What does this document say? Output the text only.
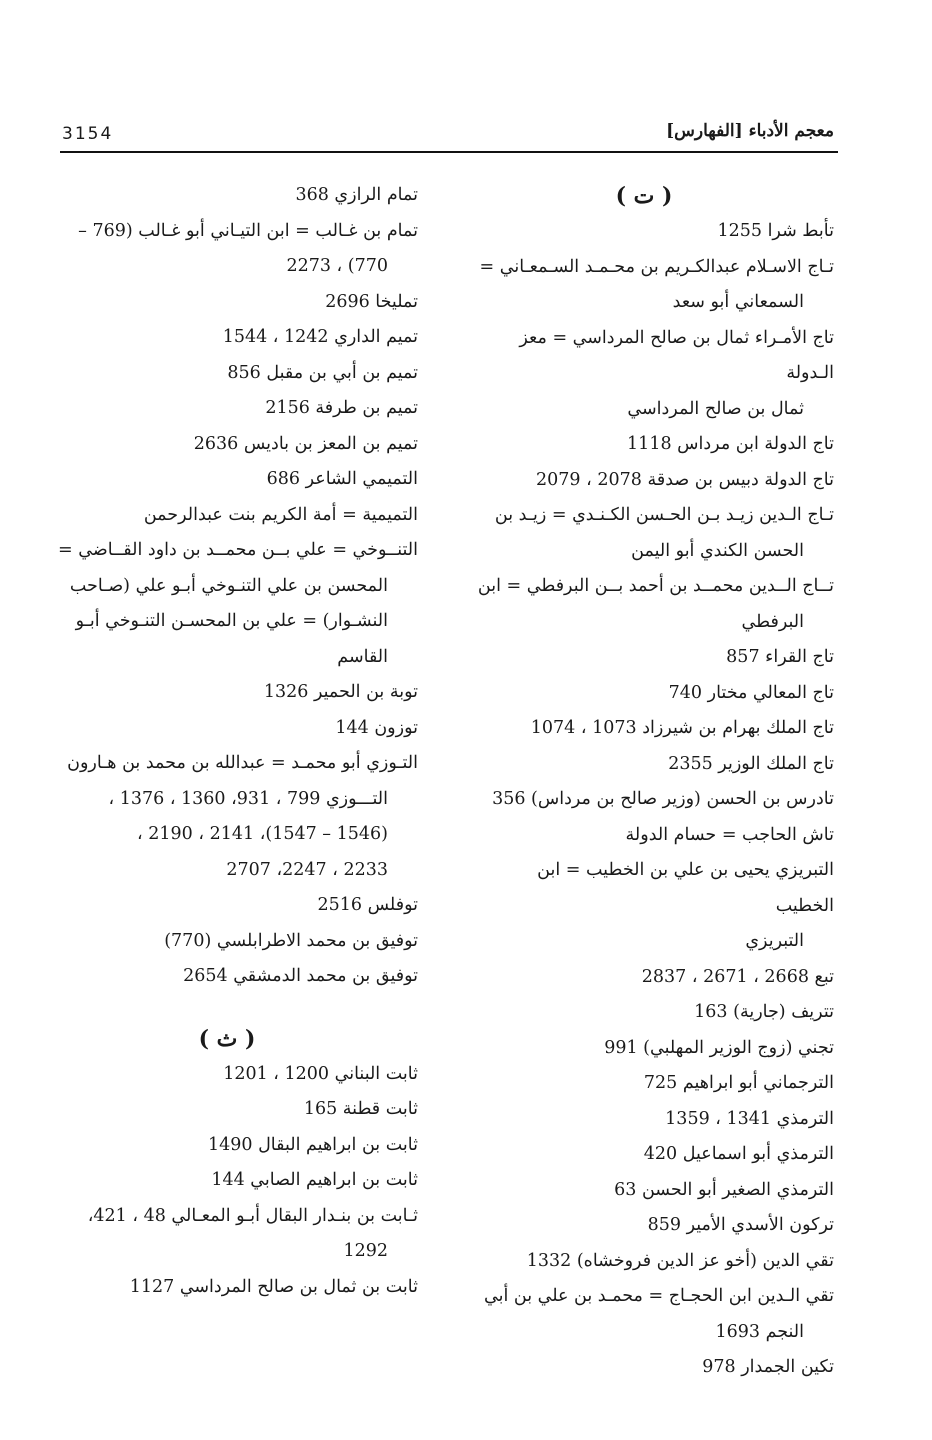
3154	معجم الأدباء [الفهارس]
( ت )
تأبط شرا 1255
تـاج الاسـلام عبدالكـريم بن محـمـد السـمعـاني =
السمعاني أبو سعد
تاج الأمـراء ثمال بن صالح المرداسي = معز الـدولة
ثمال بن صالح المرداسي
تاج الدولة ابن مرداس 1118
تاج الدولة دبيس بن صدقة 2078 ، 2079
تـاج الـدين زيـد بـن الحـسن الكـنـدي = زيـد بن
الحسن الكندي أبو اليمن
تــاج الــدين محمــد بن أحمد بــن البرفطي = ابن
البرفطي
تاج القراء 857
تاج المعالي مختار 740
تاج الملك بهرام بن شيرزاد 1073 ، 1074
تاج الملك الوزير 2355
تادرس بن الحسن (وزير صالح بن مرداس) 356
تاش الحاجب = حسام الدولة
التبريزي يحيى بن علي بن الخطيب = ابن الخطيب
التبريزي
تبع 2668 ، 2671 ، 2837
تتريف (جارية) 163
تجني (زوج الوزير المهلبي) 991
الترجماني أبو ابراهيم 725
الترمذي 1341 ، 1359
الترمذي أبو اسماعيل 420
الترمذي الصغير أبو الحسن 63
تركون الأسدي الأمير 859
تقي الدين (أخو عز الدين فروخشاه) 1332
تقي الـدين ابن الحجـاج = محمـد بن علي بن أبي
النجم 1693
تكين الجمدار 978
تمام الرازي 368
تمام بن غـالب = ابن التيـاني أبو غـالب (769 –
770) ، 2273
تمليخا 2696
تميم الداري 1242 ، 1544
تميم بن أبي بن مقبل 856
تميم بن طرفة 2156
تميم بن المعز بن باديس 2636
التميمي الشاعر 686
التميمية = أمة الكريم بنت عبدالرحمن
التنــوخي = علي بــن محمــد بن داود القــاضي =
المحسن بن علي التنـوخي أبـو علي (صـاحب
النشـوار) = علي بن المحسـن التنـوخي أبـو
القاسم
توبة بن الحمير 1326
توزون 144
التـوزي أبو محمـد = عبدالله بن محمد بن هـارون
التـــوزي 799 ، 931، 1360 ، 1376 ،
(1546 – 1547)، 2141 ، 2190 ،
2233 ، 2247، 2707
توفلس 2516
توفيق بن محمد الاطرابلسي (770)
توفيق بن محمد الدمشقي 2654
( ث )
ثابت البناني 1200 ، 1201
ثابت قطنة 165
ثابت بن ابراهيم البقال 1490
ثابت بن ابراهيم الصابي 144
ثـابت بن بنـدار البقال أبـو المعـالي 48 ، 421،
1292
ثابت بن ثمال بن صالح المرداسي 1127
